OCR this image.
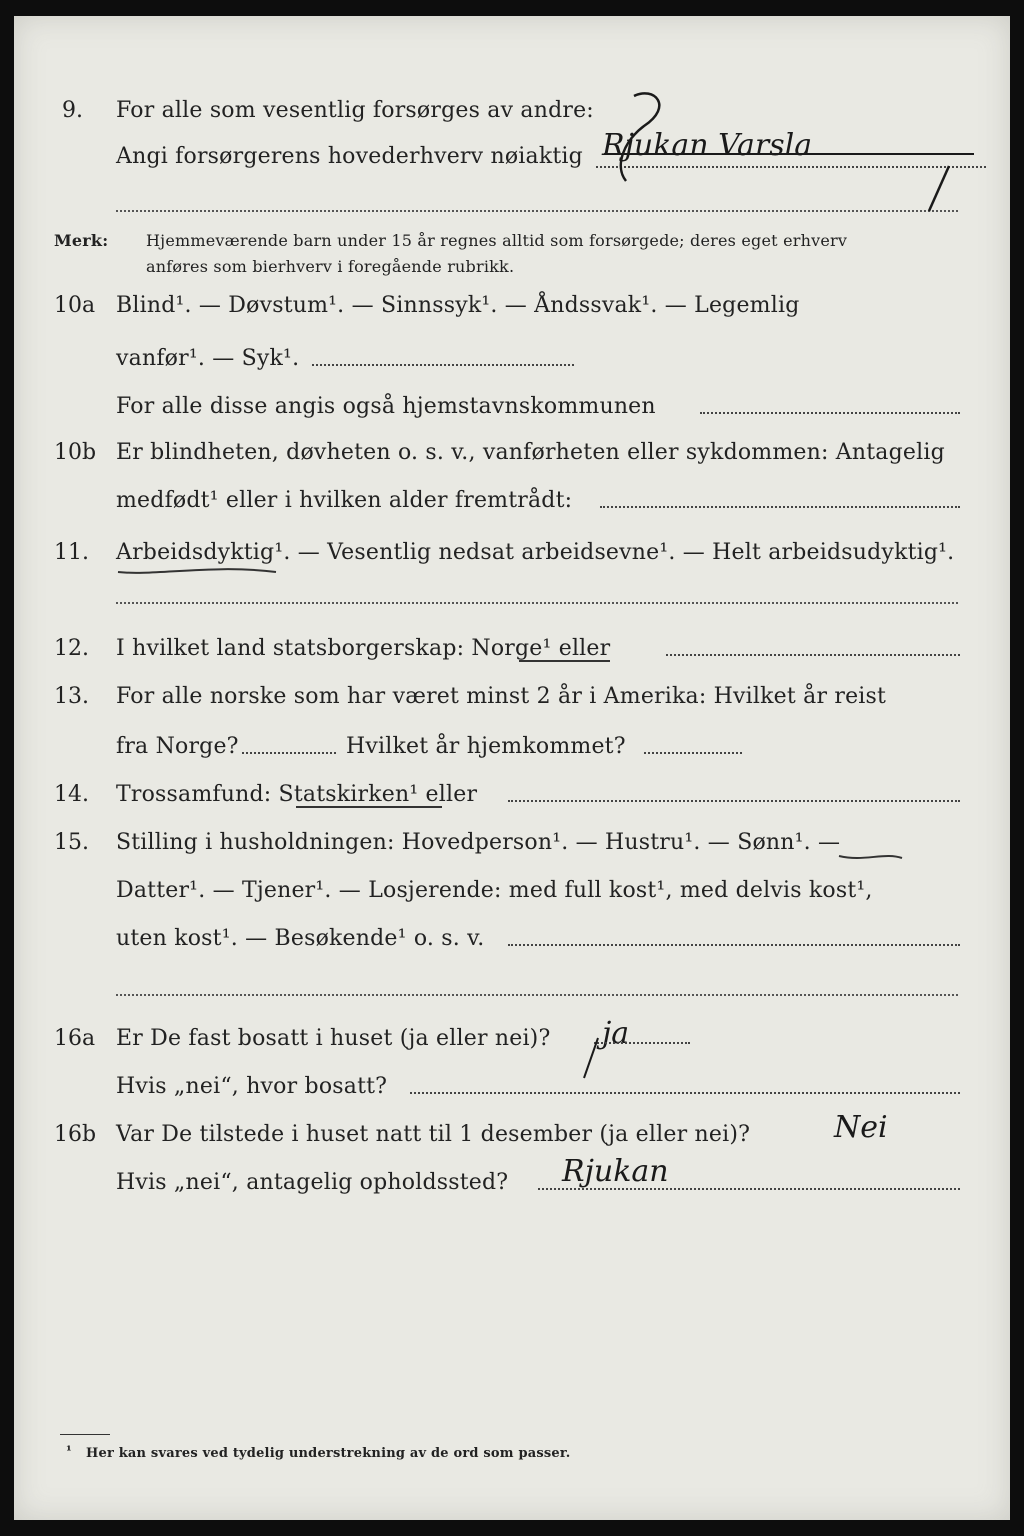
9. For alle som vesentlig forsørges av andre:
Angi forsørgerens hovederhverv nøiaktig Rjukan Varsla
Merk: Hjemmeværende barn under 15 år regnes alltid som forsørgede; deres eget erhverv
anføres som bierhverv i foregående rubrikk.
10a Blind¹. — Døvstum¹. — Sinnssyk¹. — Åndssvak¹. — Legemlig
vanfør¹. — Syk¹.
For alle disse angis også hjemstavnskommunen
10b Er blindheten, døvheten o. s. v., vanførheten eller sykdommen: Antagelig
medfødt¹ eller i hvilken alder fremtrådt:
11. Arbeidsdyktig¹. — Vesentlig nedsat arbeidsevne¹. — Helt arbeidsudyktig¹.
12. I hvilket land statsborgerskap: Norge¹ eller
13. For alle norske som har været minst 2 år i Amerika: Hvilket år reist
fra Norge?	Hvilket år hjemkommet?
14. Trossamfund: Statskirken¹ eller
15. Stilling i husholdningen: Hovedperson¹. — Hustru¹. — Sønn¹. —
Datter¹. — Tjener¹. — Losjerende: med full kost¹, med delvis kost¹,
uten kost¹. — Besøkende¹ o. s. v.
16a Er De fast bosatt i huset (ja eller nei)? ja
Hvis „nei“, hvor bosatt?
16b Var De tilstede i huset natt til 1 desember (ja eller nei)?	Nei
Hvis „nei“, antagelig opholdssted? Rjukan
¹ Her kan svares ved tydelig understrekning av de ord som passer.
